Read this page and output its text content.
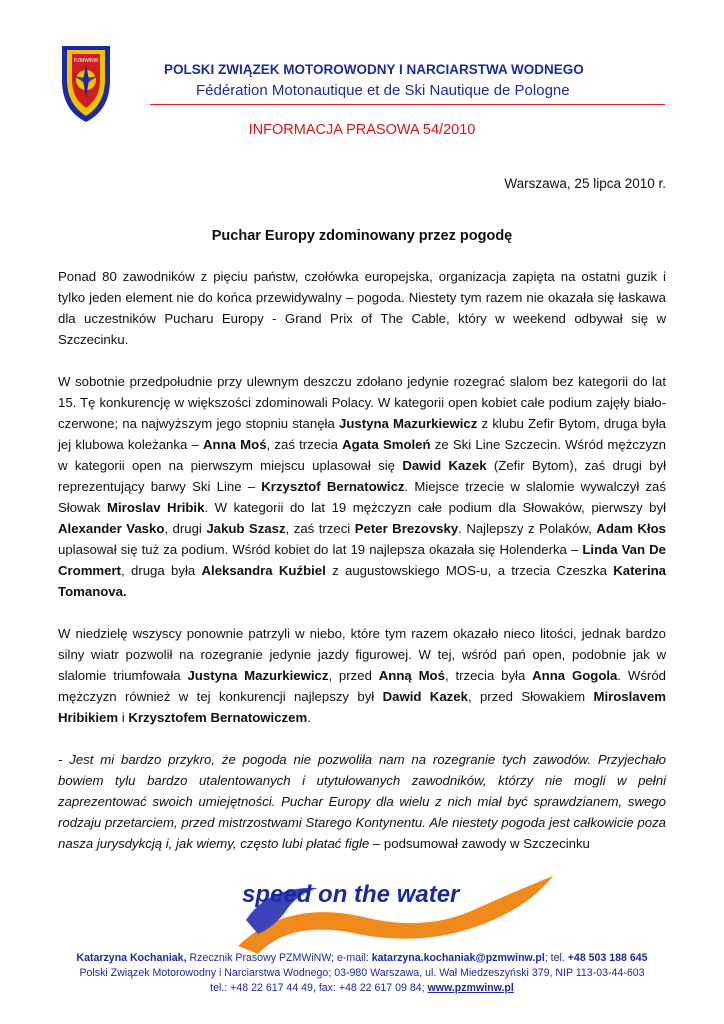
PZMWiNW
POLSKI ZWIĄZEK MOTOROWODNY I NARCIARSTWA WODNEGO
Fédération Motonautique et de Ski Nautique de Pologne
INFORMACJA PRASOWA 54/2010
Warszawa, 25 lipca 2010 r.
Puchar Europy zdominowany przez pogodę

Ponad 80 zawodników z pięciu państw, czołówka europejska, organizacja zapięta na ostatni guzik i tylko jeden element nie do końca przewidywalny – pogoda. Niestety tym razem nie okazała się łaskawa dla uczestników Pucharu Europy - Grand Prix of The Cable, który w weekend odbywał się w Szczecinku.

W sobotnie przedpołudnie przy ulewnym deszczu zdołano jedynie rozegrać slalom bez kategorii do lat 15. Tę konkurencję w większości zdominowali Polacy. W kategorii open kobiet całe podium zajęły biało-czerwone; na najwyższym jego stopniu stanęła Justyna Mazurkiewicz z klubu Zefir Bytom, druga była jej klubowa koleżanka – Anna Moś, zaś trzecia Agata Smoleń ze Ski Line Szczecin. Wśród mężczyzn w kategorii open na pierwszym miejscu uplasował się Dawid Kazek (Zefir Bytom), zaś drugi był reprezentujący barwy Ski Line – Krzysztof Bernatowicz. Miejsce trzecie w slalomie wywalczył zaś Słowak Miroslav Hribik. W kategorii do lat 19 mężczyzn całe podium dla Słowaków, pierwszy był Alexander Vasko, drugi Jakub Szasz, zaś trzeci Peter Brezovsky. Najlepszy z Polaków, Adam Kłos uplasował się tuż za podium. Wśród kobiet do lat 19 najlepsza okazała się Holenderka – Linda Van De Crommert, druga była Aleksandra Kuźbiel z augustowskiego MOS-u, a trzecia Czeszka Katerina Tomanova.

W niedzielę wszyscy ponownie patrzyli w niebo, które tym razem okazało nieco litości, jednak bardzo silny wiatr pozwolił na rozegranie jedynie jazdy figurowej. W tej, wśród pań open, podobnie jak w slalomie triumfowała Justyna Mazurkiewicz, przed Anną Moś, trzecia była Anna Gogola. Wśród mężczyzn również w tej konkurencji najlepszy był Dawid Kazek, przed Słowakiem Miroslavem Hribikiem i Krzysztofem Bernatowiczem.

- Jest mi bardzo przykro, że pogoda nie pozwoliła nam na rozegranie tych zawodów. Przyjechało bowiem tylu bardzo utalentowanych i utytułowanych zawodników, którzy nie mogli w pełni zaprezentować swoich umiejętności. Puchar Europy dla wielu z nich miał być sprawdzianem, swego rodzaju przetarciem, przed mistrzostwami Starego Kontynentu. Ale niestety pogoda jest całkowicie poza nasza jurysdykcją i, jak wiemy, często lubi płatać figle – podsumował zawody w Szczecinku

speed on the water
Katarzyna Kochaniak, Rzecznik Prasowy PZMWiNW; e-mail: katarzyna.kochaniak@pzmwinw.pl; tel. +48 503 188 645
Polski Związek Motorowodny i Narciarstwa Wodnego; 03-980 Warszawa, ul. Wał Miedzeszyński 379, NIP 113-03-44-603
tel.: +48 22 617 44 49, fax: +48 22 617 09 84; www.pzmwinw.pl
